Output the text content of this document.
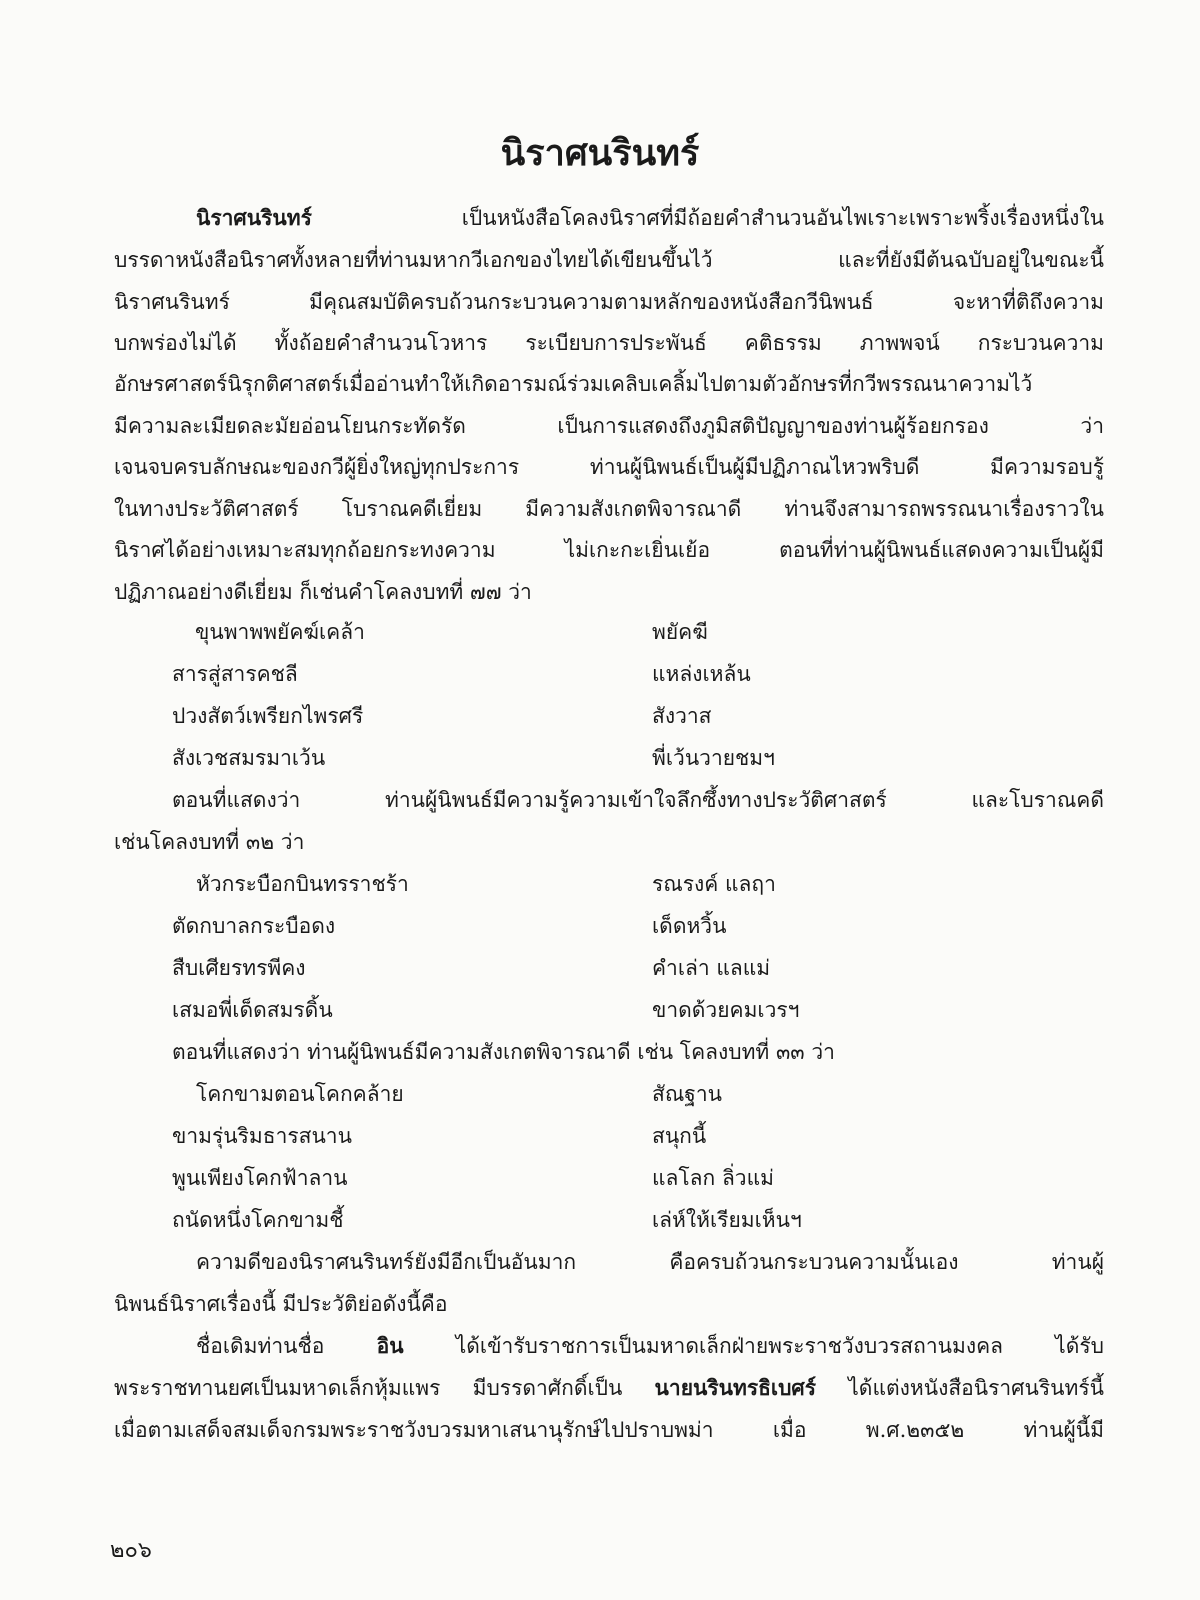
นิราศนรินทร์
นิราศนรินทร์ เป็นหนังสือโคลงนิราศที่มีถ้อยคำสำนวนอันไพเราะเพราะพริ้งเรื่องหนึ่งใน
บรรดาหนังสือนิราศทั้งหลายที่ท่านมหากวีเอกของไทยได้เขียนขึ้นไว้ และที่ยังมีต้นฉบับอยู่ในขณะนี้
นิราศนรินทร์ มีคุณสมบัติครบถ้วนกระบวนความตามหลักของหนังสือกวีนิพนธ์ จะหาที่ติถึงความ
บกพร่องไม่ได้ ทั้งถ้อยคำสำนวนโวหาร ระเบียบการประพันธ์ คติธรรม ภาพพจน์ กระบวนความ
อักษรศาสตร์นิรุกติศาสตร์เมื่ออ่านทำให้เกิดอารมณ์ร่วมเคลิบเคลิ้มไปตามตัวอักษรที่กวีพรรณนาความไว้
มีความละเมียดละมัยอ่อนโยนกระทัดรัด เป็นการแสดงถึงภูมิสติปัญญาของท่านผู้ร้อยกรอง ว่า
เจนจบครบลักษณะของกวีผู้ยิ่งใหญ่ทุกประการ ท่านผู้นิพนธ์เป็นผู้มีปฏิภาณไหวพริบดี มีความรอบรู้
ในทางประวัติศาสตร์ โบราณคดีเยี่ยม มีความสังเกตพิจารณาดี ท่านจึงสามารถพรรณนาเรื่องราวใน
นิราศได้อย่างเหมาะสมทุกถ้อยกระทงความ ไม่เกะกะเยิ่นเย้อ ตอนที่ท่านผู้นิพนธ์แสดงความเป็นผู้มี
ปฏิภาณอย่างดีเยี่ยม ก็เช่นคำโคลงบทที่ ๗๗ ว่า
ขุนพาพพยัคฆ์เคล้า	พยัคฆี
สารสู่สารคชลี	แหล่งเหล้น
ปวงสัตว์เพรียกไพรศรี	สังวาส
สังเวชสมรมาเว้น	พี่เว้นวายชมฯ
ตอนที่แสดงว่า ท่านผู้นิพนธ์มีความรู้ความเข้าใจลึกซึ้งทางประวัติศาสตร์ และโบราณคดี
เช่นโคลงบทที่ ๓๒ ว่า
หัวกระบือกบินทรราชร้า	รณรงค์ แลฤา
ตัดกบาลกระบือดง	เด็ดหวิ้น
สืบเศียรทรพีคง	คำเล่า แลแม่
เสมอพี่เด็ดสมรดิ้น	ขาดด้วยคมเวรฯ
ตอนที่แสดงว่า ท่านผู้นิพนธ์มีความสังเกตพิจารณาดี เช่น โคลงบทที่ ๓๓ ว่า
โคกขามตอนโคกคล้าย	สัณฐาน
ขามรุ่นริมธารสนาน	สนุกนี้
พูนเพียงโคกฟ้าลาน	แลโลก ลิ่วแม่
ถนัดหนึ่งโคกขามชี้	เล่ห์ให้เรียมเห็นฯ
ความดีของนิราศนรินทร์ยังมีอีกเป็นอันมาก คือครบถ้วนกระบวนความนั้นเอง ท่านผู้
นิพนธ์นิราศเรื่องนี้ มีประวัติย่อดังนี้คือ
ชื่อเดิมท่านชื่อ อิน ได้เข้ารับราชการเป็นมหาดเล็กฝ่ายพระราชวังบวรสถานมงคล ได้รับ
พระราชทานยศเป็นมหาดเล็กหุ้มแพร มีบรรดาศักดิ์เป็น นายนรินทรธิเบศร์ ได้แต่งหนังสือนิราศนรินทร์นี้
เมื่อตามเสด็จสมเด็จกรมพระราชวังบวรมหาเสนานุรักษ์ไปปราบพม่า เมื่อ พ.ศ.๒๓๕๒ ท่านผู้นี้มี
๒๐๖
